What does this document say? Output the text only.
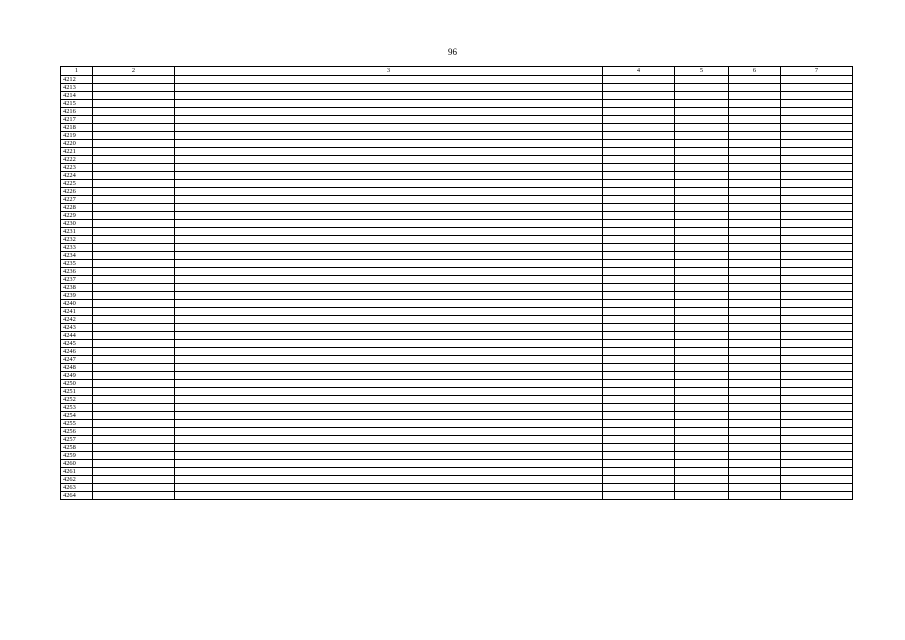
96
1	2	3	4	5	6	7
4212						
4213						
4214						
4215						
4216						
4217						
4218						
4219						
4220						
4221						
4222						
4223						
4224						
4225						
4226						
4227						
4228						
4229						
4230						
4231						
4232						
4233						
4234						
4235						
4236						
4237						
4238						
4239						
4240						
4241						
4242						
4243						
4244						
4245						
4246						
4247						
4248						
4249						
4250						
4251						
4252						
4253						
4254						
4255						
4256						
4257						
4258						
4259						
4260						
4261						
4262						
4263						
4264						
